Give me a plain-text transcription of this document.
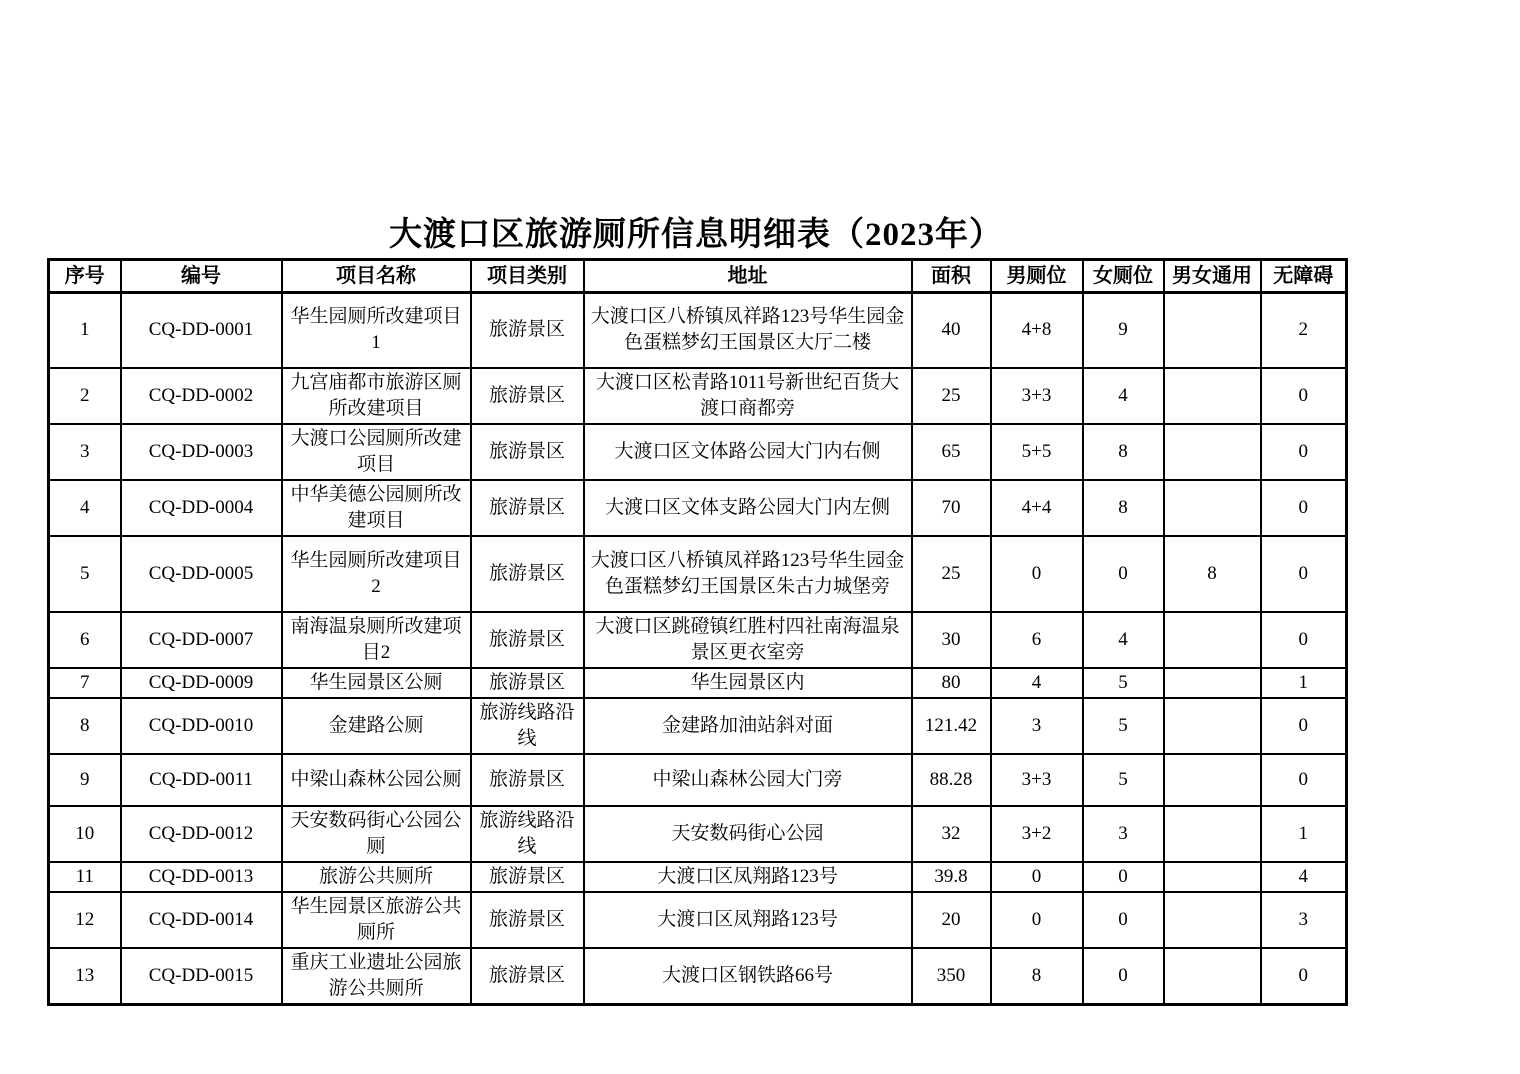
大渡口区旅游厕所信息明细表（2023年）
序号	编号	项目名称	项目类别	地址	面积	男厕位	女厕位	男女通用	无障碍
1	CQ-DD-0001	华生园厕所改建项目1	旅游景区	大渡口区八桥镇凤祥路123号华生园金色蛋糕梦幻王国景区大厅二楼	40	4+8	9		2
2	CQ-DD-0002	九宫庙都市旅游区厕所改建项目	旅游景区	大渡口区松青路1011号新世纪百货大渡口商都旁	25	3+3	4		0
3	CQ-DD-0003	大渡口公园厕所改建项目	旅游景区	大渡口区文体路公园大门内右侧	65	5+5	8		0
4	CQ-DD-0004	中华美德公园厕所改建项目	旅游景区	大渡口区文体支路公园大门内左侧	70	4+4	8		0
5	CQ-DD-0005	华生园厕所改建项目2	旅游景区	大渡口区八桥镇凤祥路123号华生园金色蛋糕梦幻王国景区朱古力城堡旁	25	0	0	8	0
6	CQ-DD-0007	南海温泉厕所改建项目2	旅游景区	大渡口区跳磴镇红胜村四社南海温泉景区更衣室旁	30	6	4		0
7	CQ-DD-0009	华生园景区公厕	旅游景区	华生园景区内	80	4	5		1
8	CQ-DD-0010	金建路公厕	旅游线路沿线	金建路加油站斜对面	121.42	3	5		0
9	CQ-DD-0011	中梁山森林公园公厕	旅游景区	中梁山森林公园大门旁	88.28	3+3	5		0
10	CQ-DD-0012	天安数码街心公园公厕	旅游线路沿线	天安数码街心公园	32	3+2	3		1
11	CQ-DD-0013	旅游公共厕所	旅游景区	大渡口区凤翔路123号	39.8	0	0		4
12	CQ-DD-0014	华生园景区旅游公共厕所	旅游景区	大渡口区凤翔路123号	20	0	0		3
13	CQ-DD-0015	重庆工业遗址公园旅游公共厕所	旅游景区	大渡口区钢铁路66号	350	8	0		0
